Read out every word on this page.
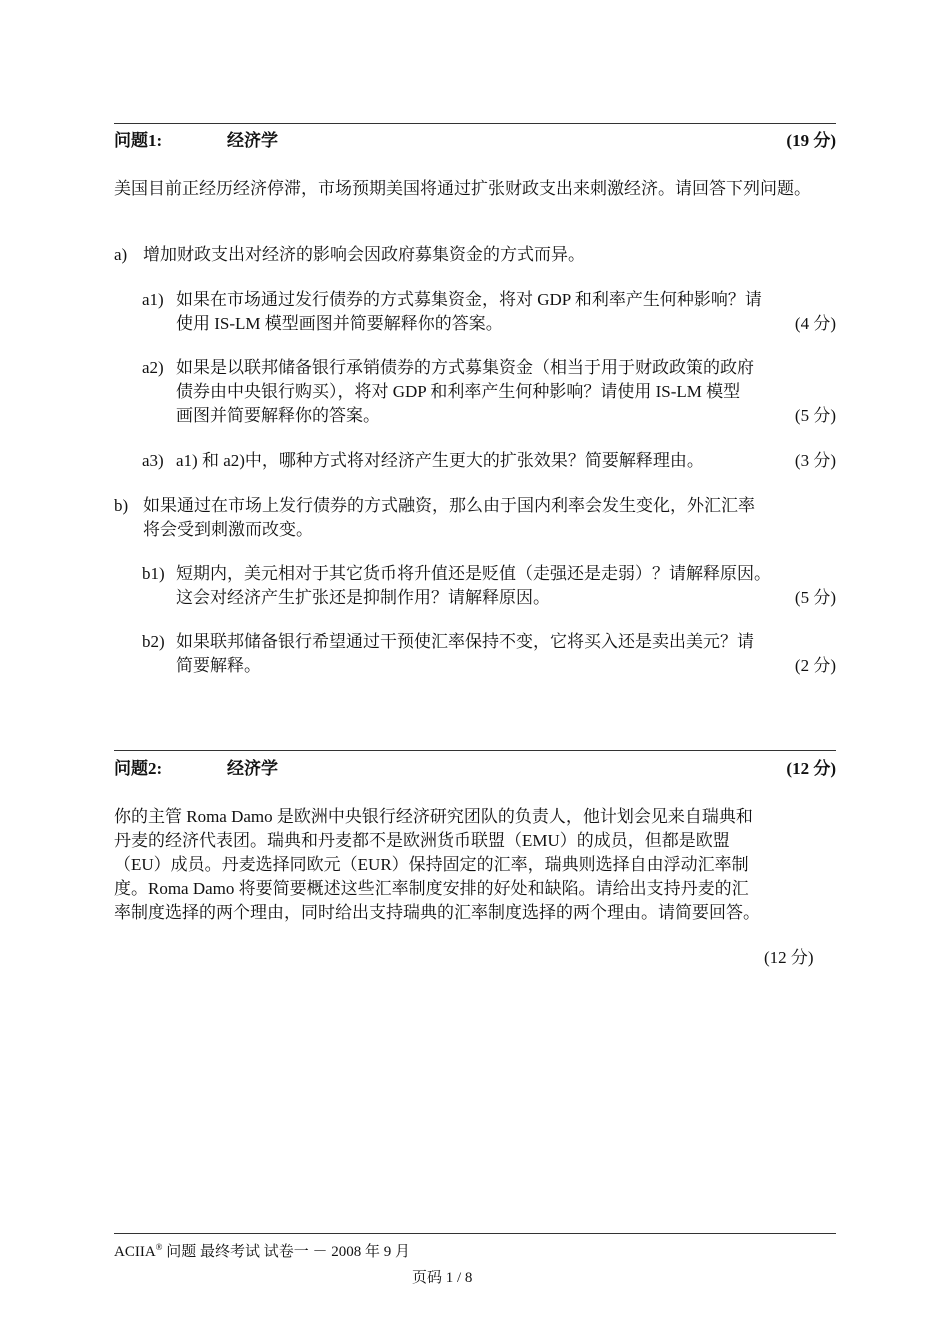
问题1:	经济学	(19 分)
美国目前正经历经济停滞，市场预期美国将通过扩张财政支出来刺激经济。请回答下列问题。
a) 增加财政支出对经济的影响会因政府募集资金的方式而异。
a1) 如果在市场通过发行债券的方式募集资金，将对 GDP 和利率产生何种影响？请
使用 IS-LM 模型画图并简要解释你的答案。	(4 分)
a2) 如果是以联邦储备银行承销债券的方式募集资金（相当于用于财政政策的政府
债券由中央银行购买），将对 GDP 和利率产生何种影响？请使用 IS-LM 模型
画图并简要解释你的答案。	(5 分)
a3) a1) 和 a2)中，哪种方式将对经济产生更大的扩张效果？简要解释理由。	(3 分)
b) 如果通过在市场上发行债券的方式融资，那么由于国内利率会发生变化，外汇汇率
将会受到刺激而改变。
b1) 短期内，美元相对于其它货币将升值还是贬值（走强还是走弱）？请解释原因。
这会对经济产生扩张还是抑制作用？请解释原因。	(5 分)
b2) 如果联邦储备银行希望通过干预使汇率保持不变，它将买入还是卖出美元？请
简要解释。	(2 分)
问题2:	经济学	(12 分)
你的主管 Roma Damo 是欧洲中央银行经济研究团队的负责人，他计划会见来自瑞典和
丹麦的经济代表团。瑞典和丹麦都不是欧洲货币联盟（EMU）的成员，但都是欧盟
（EU）成员。丹麦选择同欧元（EUR）保持固定的汇率，瑞典则选择自由浮动汇率制
度。Roma Damo 将要简要概述这些汇率制度安排的好处和缺陷。请给出支持丹麦的汇
率制度选择的两个理由，同时给出支持瑞典的汇率制度选择的两个理由。请简要回答。
(12 分)
ACIIA® 问题 最终考试 试卷一 － 2008 年 9 月
页码 1 / 8
